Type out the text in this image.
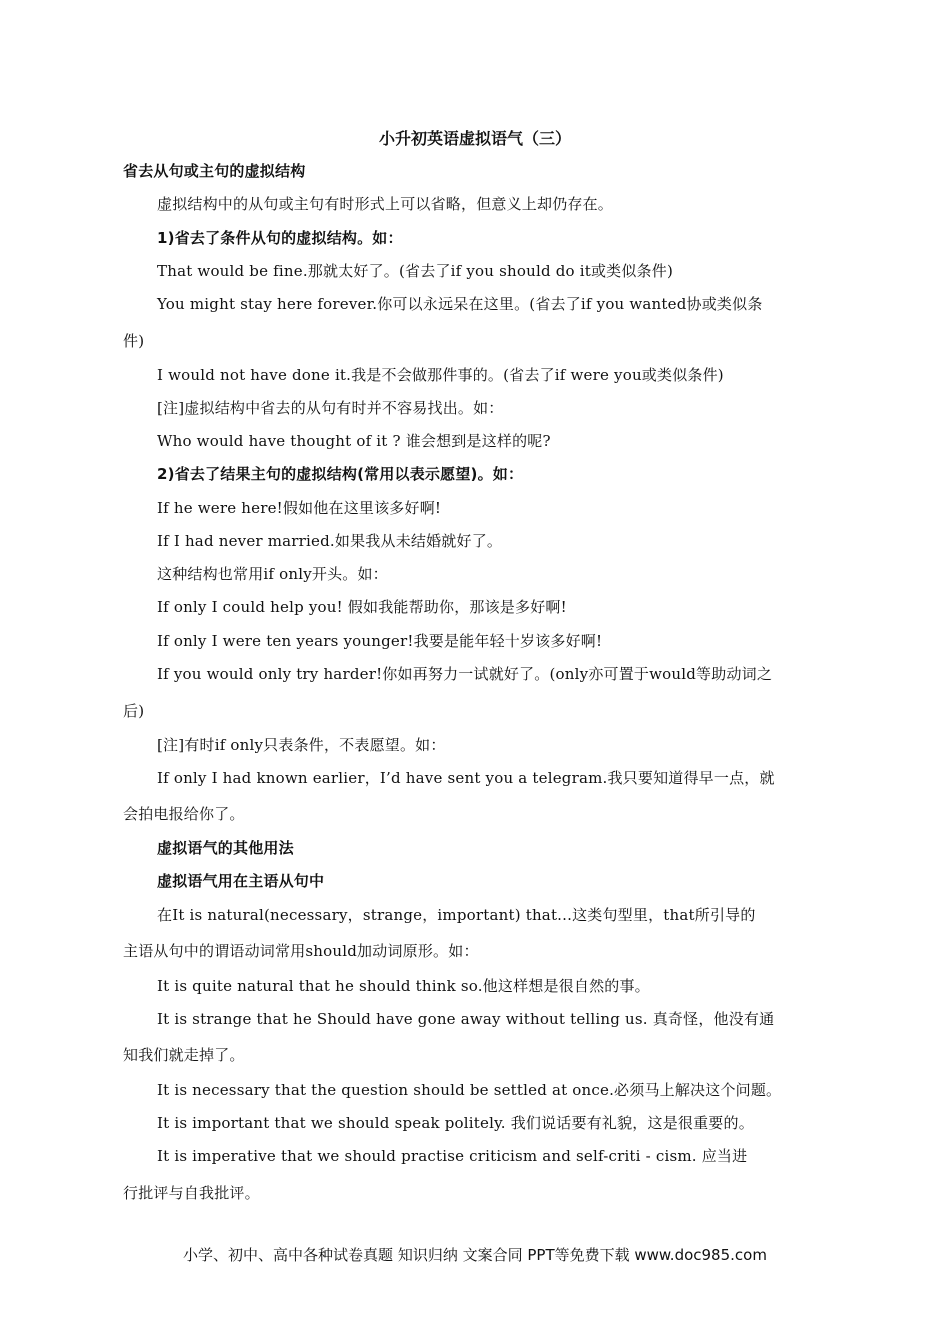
小升初英语虚拟语气（三）
省去从句或主句的虚拟结构
虚拟结构中的从句或主句有时形式上可以省略，但意义上却仍存在。
1)省去了条件从句的虚拟结构。如：
That would be fine.那就太好了。(省去了if you should do it或类似条件)
You might stay here forever.你可以永远呆在这里。(省去了if you wanted协或类似条
件)
I would not have done it.我是不会做那件事的。(省去了if were you或类似条件)
[注]虚拟结构中省去的从句有时并不容易找出。如：
Who would have thought of it ? 谁会想到是这样的呢?
2)省去了结果主句的虚拟结构(常用以表示愿望)。如：
If he were here!假如他在这里该多好啊!
If I had never married.如果我从未结婚就好了。
这种结构也常用if only开头。如：
If only I could help you! 假如我能帮助你，那该是多好啊!
If only I were ten years younger!我要是能年轻十岁该多好啊!
If you would only try harder!你如再努力一试就好了。(only亦可置于would等助动词之
后)
[注]有时if only只表条件，不表愿望。如：
If only I had known earlier，I’d have sent you a telegram.我只要知道得早一点，就
会拍电报给你了。
虚拟语气的其他用法
虚拟语气用在主语从句中
在It is natural(necessary，strange，important) that...这类句型里，that所引导的
主语从句中的谓语动词常用should加动词原形。如：
It is quite natural that he should think so.他这样想是很自然的事。
It is strange that he Should have gone away without telling us. 真奇怪，他没有通
知我们就走掉了。
It is necessary that the question should be settled at once.必须马上解决这个问题。
It is important that we should speak politely. 我们说话要有礼貌，这是很重要的。
It is imperative that we should practise criticism and self-criti - cism. 应当进
行批评与自我批评。
小学、初中、高中各种试卷真题 知识归纳 文案合同 PPT等免费下载 www.doc985.com
